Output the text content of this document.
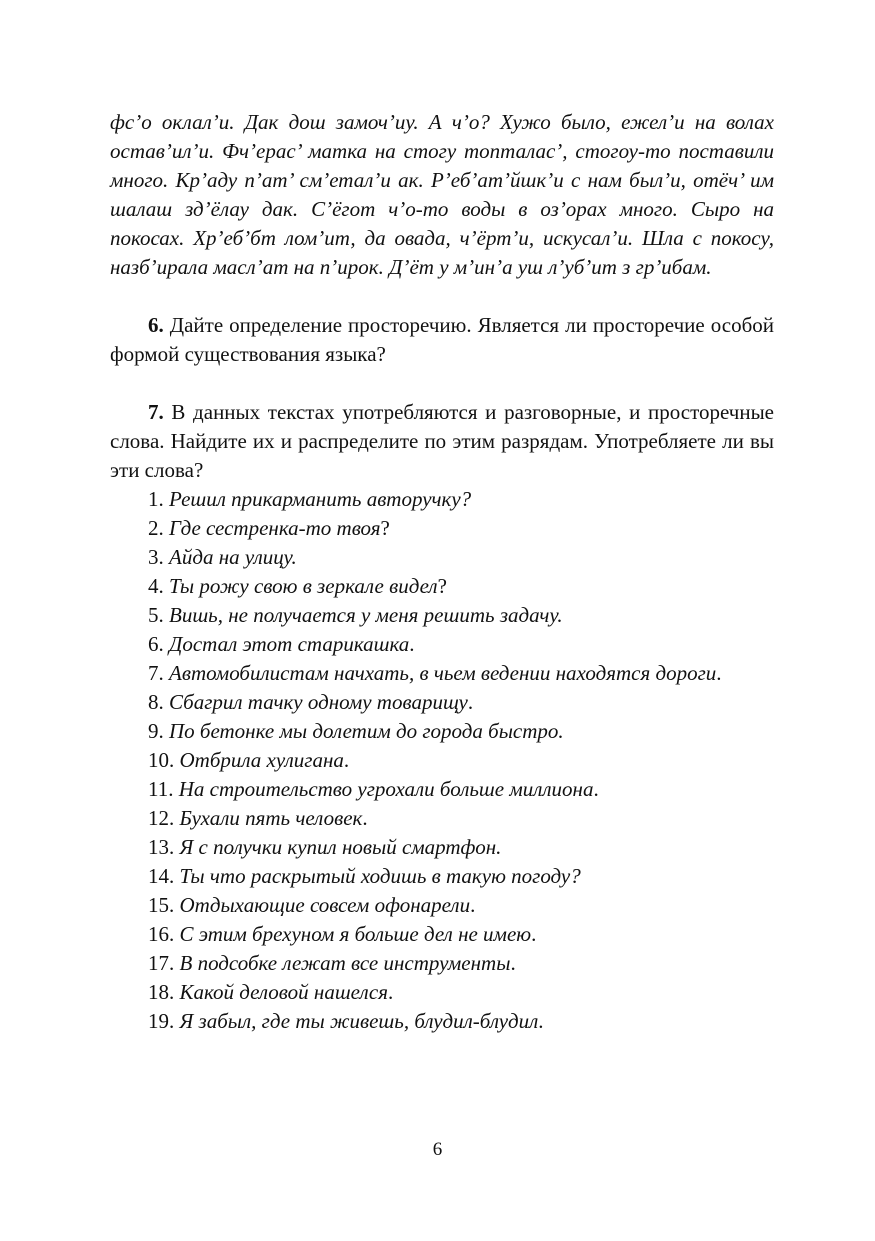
фс’о оклал’и. Дак дош замоч’иу. А ч’о? Хужо было, ежел’и на волах остав’ил’и. Фч’ерас’ матка на стогу топталас’, стогоу-то поставили много. Кр’аду п’ат’ см’етал’и ак. Р’еб’ат’йшк’и с нам был’и, отёч’ им шалаш зд’ёлау дак. С’ёгот ч’о-то воды в оз’орах много. Сыро на покосах. Хр’еб’бт лом’ит, да овада, ч’ёрт’и, искусал’и. Шла с покосу, назб’ирала масл’ат на п’ирок. Д’ёт у м’ин’а уш л’уб’ит з гр’ибам.

6. Дайте определение просторечию. Является ли просторечие особой формой существования языка?

7. В данных текстах употребляются и разговорные, и просторечные слова. Найдите их и распределите по этим разрядам. Употребляете ли вы эти слова?

1. Решил прикарманить авторучку?
2. Где сестренка-то твоя?
3. Айда на улицу.
4. Ты рожу свою в зеркале видел?
5. Вишь, не получается у меня решить задачу.
6. Достал этот старикашка.
7. Автомобилистам начхать, в чьем ведении находятся дороги.
8. Сбагрил тачку одному товарищу.
9. По бетонке мы долетим до города быстро.
10. Отбрила хулигана.
11. На строительство угрохали больше миллиона.
12. Бухали пять человек.
13. Я с получки купил новый смартфон.
14. Ты что раскрытый ходишь в такую погоду?
15. Отдыхающие совсем офонарели.
16. С этим брехуном я больше дел не имею.
17. В подсобке лежат все инструменты.
18. Какой деловой нашелся.
19. Я забыл, где ты живешь, блудил-блудил.
6
